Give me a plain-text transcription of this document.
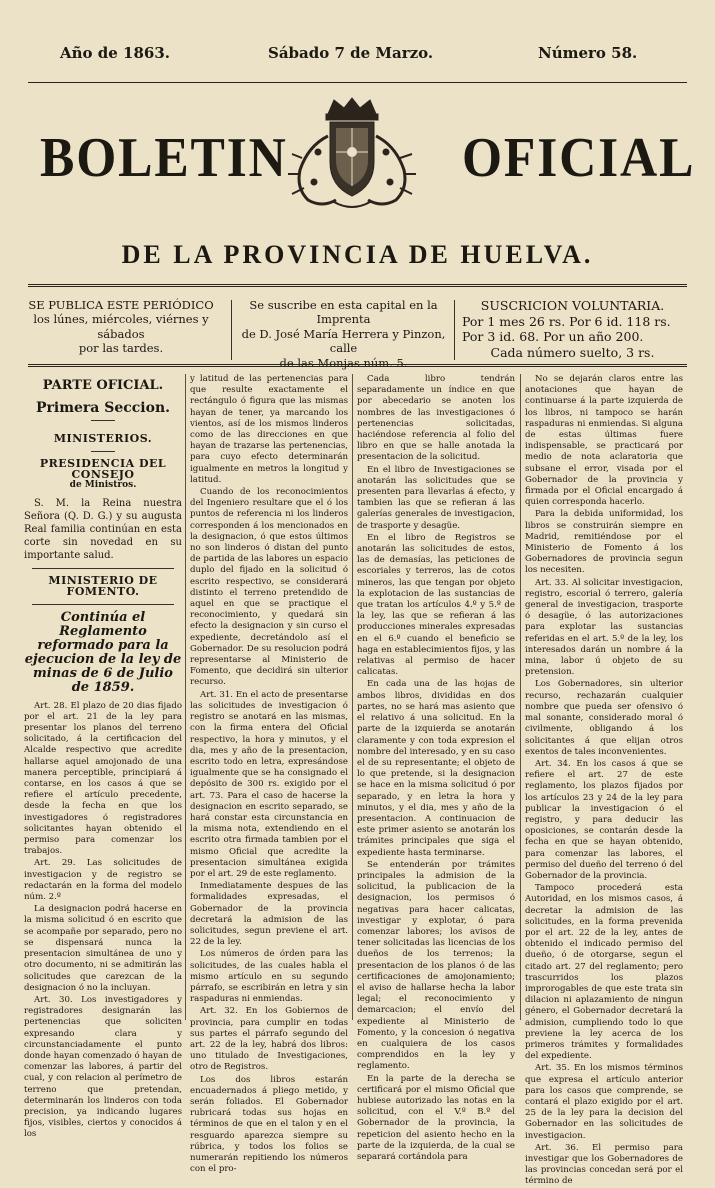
Año de 1863.	Sábado 7 de Marzo.	Número 58.
BOLETIN	OFICIAL
DE LA PROVINCIA DE HUELVA.
SE PUBLICA ESTE PERIÓDICO
los lúnes, miércoles, viérnes y sábados
por las tardes.
Se suscribe en esta capital en la Imprenta
de D. José María Herrera y Pinzon, calle
de las Monjas núm. 5.
SUSCRICION VOLUNTARIA.
Por 1 mes 26 rs. Por 6 id. 118 rs.
Por 3 id. 68. Por un año 200.
Cada número suelto, 3 rs.
PARTE OFICIAL.
Primera Seccion.
MINISTERIOS.
PRESIDENCIA DEL CONSEJO
de Ministros.

S. M. la Reina nuestra Señora (Q. D. G.) y su augusta Real familia continúan en esta corte sin novedad en su importante salud.

MINISTERIO DE FOMENTO.
Continúa el Reglamento reformado para la ejecucion de la ley de minas de 6 de Julio de 1859.

Art. 28. El plazo de 20 dias fijado por el art. 21 de la ley para presentar los planos del terreno solicitado, á la certificacion del Alcalde respectivo que acredite hallarse aquel amojonado de una manera perceptible, principiará á contarse, en los casos á que se refiere el artículo precedente, desde la fecha en que los investigadores ó registradores solicitantes hayan obtenido el permiso para comenzar los trabajos.

Art. 29. Las solicitudes de investigacion y de registro se redactarán en la forma del modelo núm. 2.º

La designacion podrá hacerse en la misma solicitud ó en escrito que se acompañe por separado, pero no se dispensará nunca la presentacion simultánea de uno y otro documento, ni se admitirán las solicitudes que carezcan de la designacion ó no la incluyan.

Art. 30. Los investigadores y registradores designarán las pertenencias que soliciten expresando clara y circunstanciadamente el punto donde hayan comenzado ó hayan de comenzar las labores, á partir del cual, y con relacion al perímetro de terreno que pretendan, determinarán los linderos con toda precision, ya indicando lugares fijos, visibles, ciertos y conocidos á los

y latitud de las pertenencias para que resulte exactamente el rectángulo ó figura que las mismas hayan de tener, ya marcando los vientos, así de los mismos linderos como de las direcciones en que hayan de trazarse las pertenencias, para cuyo efecto determinarán igualmente en metros la longitud y latitud.

Cuando de los reconocimientos del Ingeniero resultare que el ó los puntos de referencia ni los linderos corresponden á los mencionados en la designacion, ó que estos últimos no son linderos ó distan del punto de partida de las labores un espacio duplo del fijado en la solicitud ó escrito respectivo, se considerará distinto el terreno pretendido de aquel en que se practique el reconocimiento, y quedará sin efecto la designacion y sin curso el expediente, decretándolo así el Gobernador. De su resolucion podrá representarse al Ministerio de Fomento, que decidirá sin ulterior recurso.

Art. 31. En el acto de presentarse las solicitudes de investigacion ó registro se anotará en las mismas, con la firma entera del Oficial respectivo, la hora y minutos, y el dia, mes y año de la presentacion, escrito todo en letra, expresándose igualmente que se ha consignado el depósito de 300 rs. exigido por el art. 73. Para el caso de hacerse la designacion en escrito separado, se hará constar esta circunstancia en la misma nota, extendiendo en el escrito otra firmada tambien por el mismo Oficial que acredite la presentacion simultánea exigida por el art. 29 de este reglamento.

Inmediatamente despues de las formalidades expresadas, el Gobernador de la provincia decretará la admision de las solicitudes, segun previene el art. 22 de la ley.

Los números de órden para las solicitudes, de las cuales habla el mismo artículo en su segundo párrafo, se escribirán en letra y sin raspaduras ni enmiendas.

Art. 32. En los Gobiernos de provincia, para cumplir en todas sus partes el párrafo segundo del art. 22 de la ley, habrá dos libros: uno titulado de Investigaciones, otro de Registros.

Los dos libros estarán encuadernados á pliego metido, y serán foliados. El Gobernador rubricará todas sus hojas en términos de que en el talon y en el resguardo aparezca siempre su rúbrica, y todos los folios se numerarán repitiendo los números con el pro-

Cada libro tendrán separadamente un índice en que por abecedario se anoten los nombres de las investigaciones ó pertenencias solicitadas, haciéndose referencia al folio del libro en que se halle anotada la presentacion de la solicitud.

En el libro de Investigaciones se anotarán las solicitudes que se presenten para llevarlas á efecto, y tambien las que se refieran á las galerías generales de investigacion, de trasporte y desagüe.

En el libro de Registros se anotarán las solicitudes de estos, las de demasías, las peticiones de escoriales y terreros, las de cotos mineros, las que tengan por objeto la explotacion de las sustancias de que tratan los artículos 4.º y 5.º de la ley, las que se refieran á las producciones minerales expresadas en el 6.º cuando el beneficio se haga en establecimientos fijos, y las relativas al permiso de hacer calicatas.

En cada una de las hojas de ambos libros, divididas en dos partes, no se hará mas asiento que el relativo á una solicitud. En la parte de la izquierda se anotarán claramente y con toda expresion el nombre del interesado, y en su caso el de su representante; el objeto de lo que pretende, si la designacion se hace en la misma solicitud ó por separado, y en letra la hora y minutos, y el dia, mes y año de la presentacion. A continuacion de este primer asiento se anotarán los trámites principales que siga el expediente hasta terminarse.

Se entenderán por trámites principales la admision de la solicitud, la publicacion de la designacion, los permisos ó negativas para hacer calicatas, investigar y explotar, ó para comenzar labores; los avisos de tener solicitadas las licencias de los dueños de los terrenos; la presentacion de los planos ó de las certificaciones de amojonamiento; el aviso de hallarse hecha la labor legal; el reconocimiento y demarcacion; el envío del expediente al Ministerio de Fomento, y la concesion ó negativa en cualquiera de los casos comprendidos en la ley y reglamento.

En la parte de la derecha se certificará por el mismo Oficial que hubiese autorizado las notas en la solicitud, con el V.º B.º del Gobernador de la provincia, la repeticion del asiento hecho en la parte de la izquierda, de la cual se separará cortándola para

No se dejarán claros entre las anotaciones que hayan de continuarse á la parte izquierda de los libros, ni tampoco se harán raspaduras ni enmiendas. Si alguna de estas últimas fuere indispensable, se practicará por medio de nota aclaratoria que subsane el error, visada por el Gobernador de la provincia y firmada por el Oficial encargado á quien corresponda hacerlo.

Para la debida uniformidad, los libros se construirán siempre en Madrid, remitiéndose por el Ministerio de Fomento á los Gobernadores de provincia segun los necesiten.

Art. 33. Al solicitar investigacion, registro, escorial ó terrero, galería general de investigacion, trasporte ó desagüe, ó las autorizaciones para explotar las sustancias referidas en el art. 5.º de la ley, los interesados darán un nombre á la mina, labor ú objeto de su pretension.

Los Gobernadores, sin ulterior recurso, rechazarán cualquier nombre que pueda ser ofensivo ó mal sonante, considerado moral ó civilmente, obligando á los solicitantes á que elijan otros exentos de tales inconvenientes.

Art. 34. En los casos á que se refiere el art. 27 de este reglamento, los plazos fijados por los artículos 23 y 24 de la ley para publicar la investigacion ó el registro, y para deducir las oposiciones, se contarán desde la fecha en que se hayan obtenido, para comenzar las labores, el permiso del dueño del terreno ó del Gobernador de la provincia.

Tampoco procederá esta Autoridad, en los mismos casos, á decretar la admision de las solicitudes, en la forma prevenida por el art. 22 de la ley, antes de obtenido el indicado permiso del dueño, ó de otorgarse, segun el citado art. 27 del reglamento; pero trascurridos los plazos improrogables de que este trata sin dilacion ni aplazamiento de ningun género, el Gobernador decretará la admision, cumpliendo todo lo que previene la ley acerca de los primeros trámites y formalidades del expediente.

Art. 35. En los mismos términos que expresa el artículo anterior para los casos que comprende, se contará el plazo exigido por el art. 25 de la ley para la decision del Gobernador en las solicitudes de investigacion.

Art. 36. El permiso para investigar que los Gobernadores de las provincias concedan será por el término de
